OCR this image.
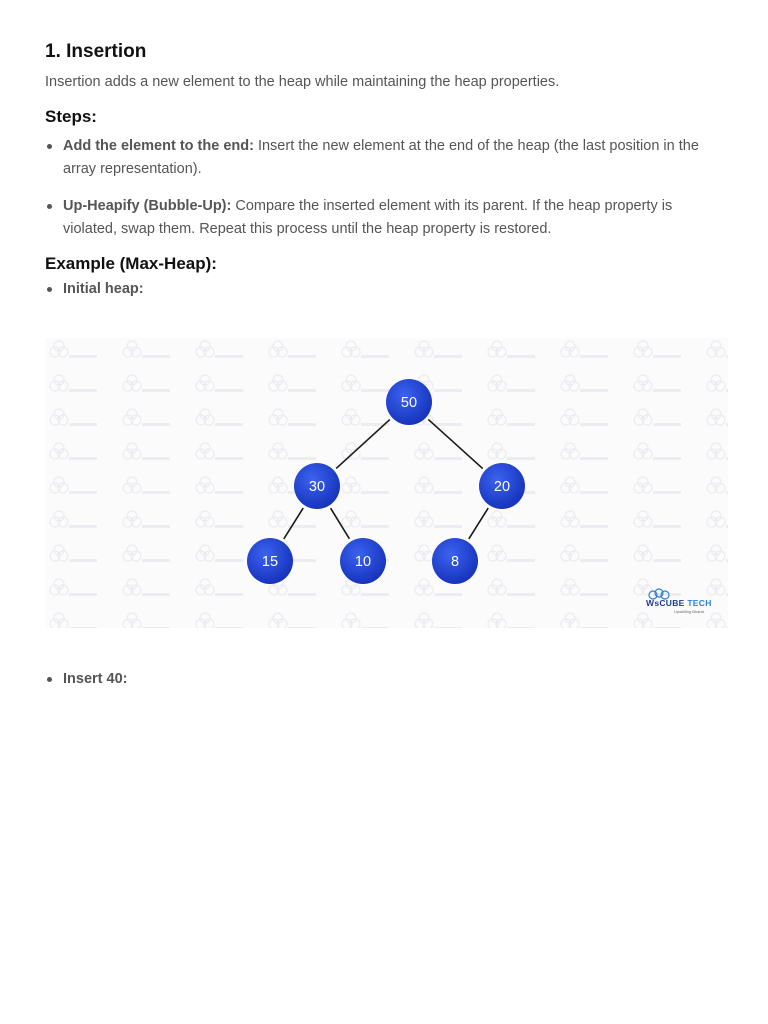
1. Insertion

Insertion adds a new element to the heap while maintaining the heap properties.

Steps:
Add the element to the end: Insert the new element at the end of the heap (the last position in the array representation).
Up-Heapify (Bubble-Up): Compare the inserted element with its parent. If the heap property is violated, swap them. Repeat this process until the heap property is restored.
Example (Max-Heap):
Initial heap:
Insert 40:
50
30	20
15	10	8
WsCUBE TECH
Upskilling Bharat
